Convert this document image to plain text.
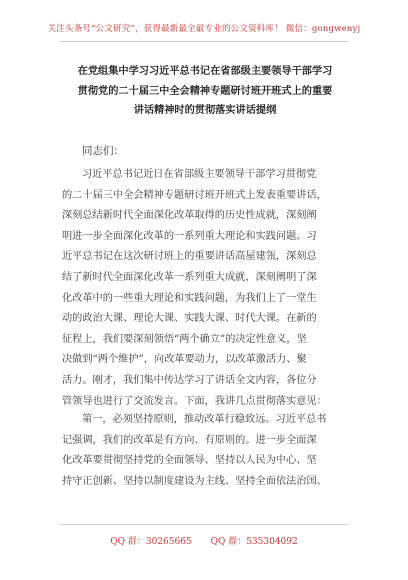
关注头条号“公文研究”，获得最新最全最专业的公文资料库！ 微信：gongwenyj
在党组集中学习习近平总书记在省部级主要领导干部学习
贯彻党的二十届三中全会精神专题研讨班开班式上的重要
讲话精神时的贯彻落实讲话提纲
同志们：
习近平总书记近日在省部级主要领导干部学习贯彻党
的二十届三中全会精神专题研讨班开班式上发表重要讲话，
深刻总结新时代全面深化改革取得的历史性成就，深刻阐
明进一步全面深化改革的一系列重大理论和实践问题。习
近平总书记在这次研讨班上的重要讲话高屋建瓴，深刻总
结了新时代全面深化改革一系列重大成就，深刻阐明了深
化改革中的一些重大理论和实践问题，为我们上了一堂生
动的政治大课、理论大课、实践大课、时代大课。在新的
征程上，我们要深刻领悟“两个确立”的决定性意义，坚
决做到“两个维护”，向改革要动力，以改革激活力、聚
活力。刚才，我们集中传达学习了讲话全文内容，各位分
管领导也进行了交流发言。下面，我讲几点贯彻落实意见：
第一，必须坚持原则，推动改革行稳致远。习近平总书
记强调，我们的改革是有方向、有原则的。进一步全面深
化改革要贯彻坚持党的全面领导、坚持以人民为中心、坚
持守正创新、坚持以制度建设为主线、坚持全面依法治国、
QQ 群：30265665 QQ 群：535304092
